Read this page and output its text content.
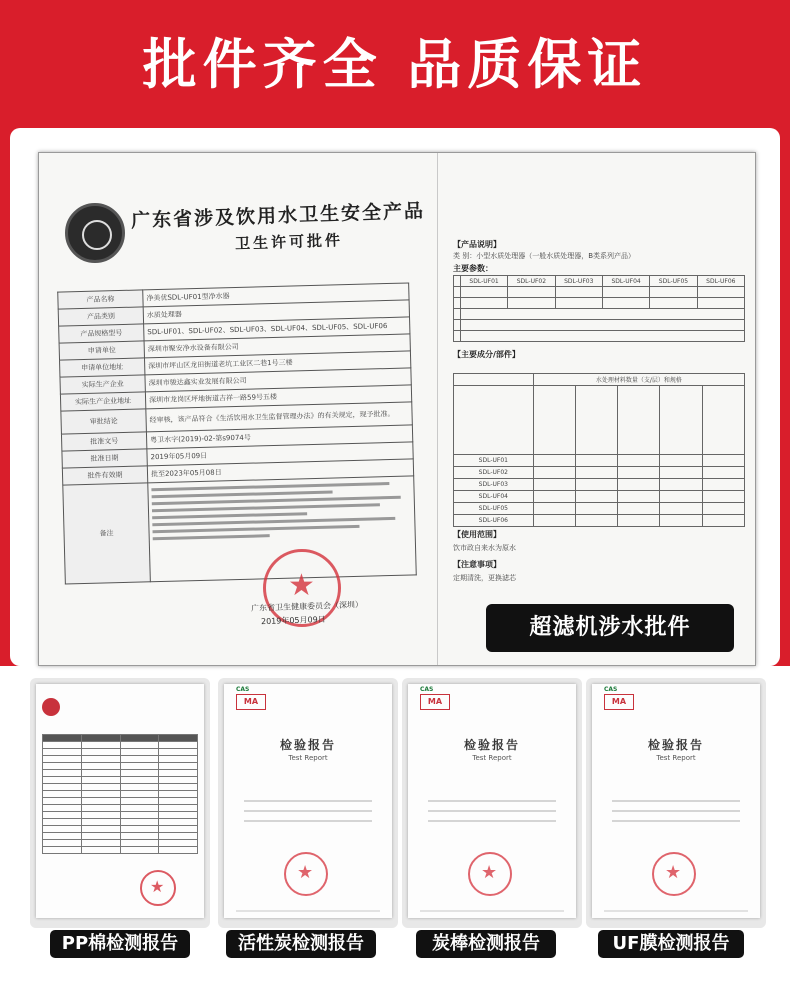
批件齐全 品质保证
广东省涉及饮用水卫生安全产品
卫生许可批件
产品名称	净美优SDL-UF01型净水器
产品类别	水质处理器
产品规格型号	SDL-UF01、SDL-UF02、SDL-UF03、SDL-UF04、SDL-UF05、SDL-UF06
申请单位	深圳市聚安净水设备有限公司
申请单位地址	深圳市坪山区龙田街道老坑工业区二巷1号三楼
实际生产企业	深圳市骏达鑫实业发展有限公司
实际生产企业地址	深圳市龙岗区坪地街道吉祥一路59号五楼
审批结论	经审核，该产品符合《生活饮用水卫生监督管理办法》的有关规定，现予批准。
批准文号	粤卫水字(2019)-02-第s9074号
批准日期	2019年05月09日
批件有效期	批至2023年05月08日
备注	
★
广东省卫生健康委员会（深圳）
2019年05月09日
【产品说明】
类 别：小型水质处理器（一般水质处理器，B类系列产品）
主要参数：
	SDL-UF01	SDL-UF02	SDL-UF03	SDL-UF04	SDL-UF05	SDL-UF06

【主要成分/部件】
	水处理材料数量（支/层）和规格				

SDL-UF01					
SDL-UF02					
SDL-UF03					
SDL-UF04					
SDL-UF05					
SDL-UF06					
【使用范围】
饮市政自来水为原水
【注意事项】
定期清洗，更换滤芯
超滤机涉水批件

★
PP棉检测报告
CAS
MA
检验报告
Test Report
★
活性炭检测报告
CAS
MA
检验报告
Test Report
★
炭棒检测报告
CAS
MA
检验报告
Test Report
★
UF膜检测报告
